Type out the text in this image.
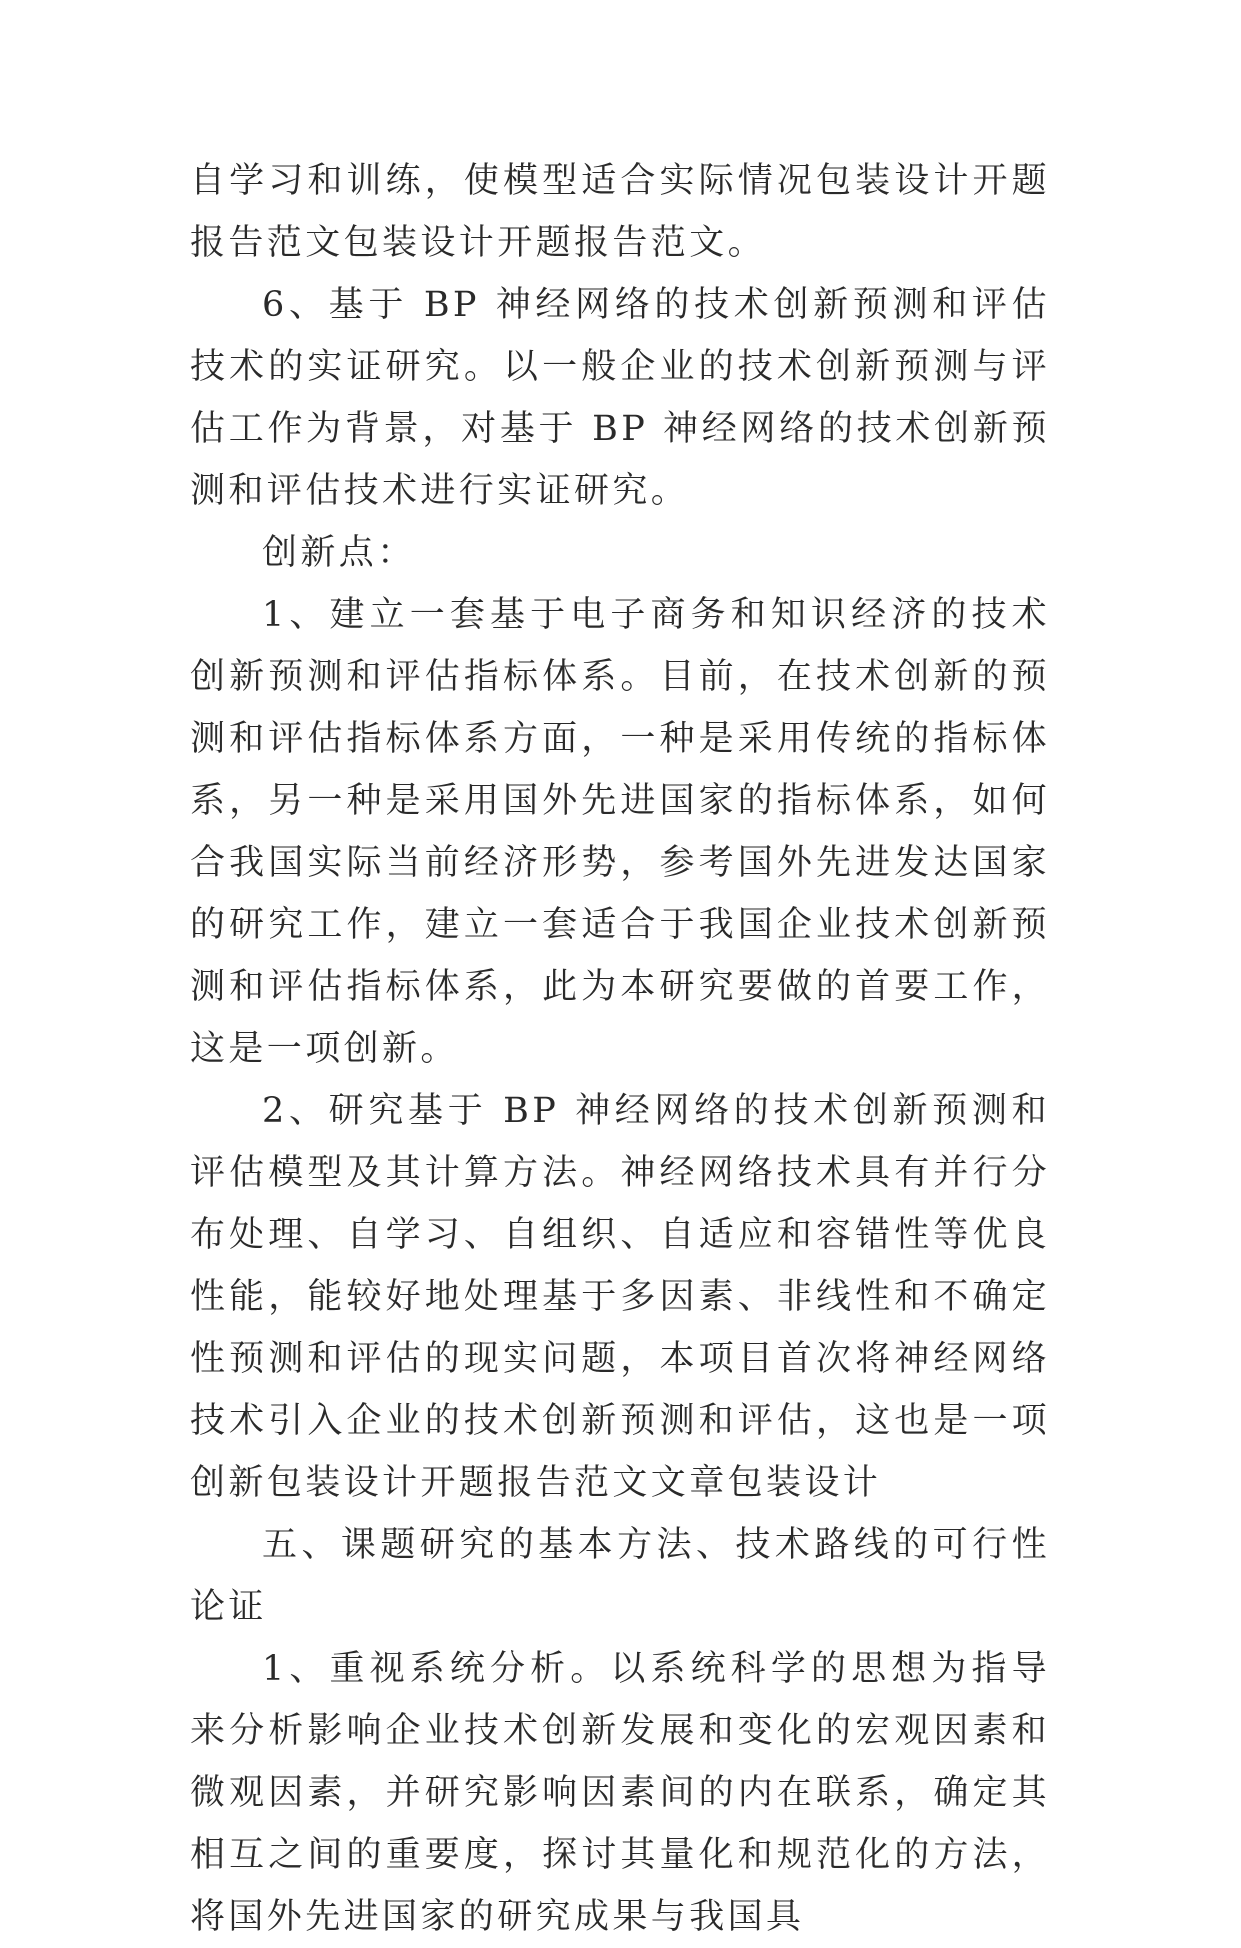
自学习和训练，使模型适合实际情况包装设计开题报告范文包装设计开题报告范文。

6、基于 BP 神经网络的技术创新预测和评估技术的实证研究。以一般企业的技术创新预测与评估工作为背景，对基于 BP 神经网络的技术创新预测和评估技术进行实证研究。

创新点：

1、建立一套基于电子商务和知识经济的技术创新预测和评估指标体系。目前，在技术创新的预测和评估指标体系方面，一种是采用传统的指标体系，另一种是采用国外先进国家的指标体系，如何合我国实际当前经济形势，参考国外先进发达国家的研究工作，建立一套适合于我国企业技术创新预测和评估指标体系，此为本研究要做的首要工作，这是一项创新。

2、研究基于 BP 神经网络的技术创新预测和评估模型及其计算方法。神经网络技术具有并行分布处理、自学习、自组织、自适应和容错性等优良性能，能较好地处理基于多因素、非线性和不确定性预测和评估的现实问题，本项目首次将神经网络技术引入企业的技术创新预测和评估，这也是一项创新包装设计开题报告范文文章包装设计

五、课题研究的基本方法、技术路线的可行性论证

1、重视系统分析。以系统科学的思想为指导来分析影响企业技术创新发展和变化的宏观因素和微观因素，并研究影响因素间的内在联系，确定其相互之间的重要度，探讨其量化和规范化的方法，将国外先进国家的研究成果与我国具
